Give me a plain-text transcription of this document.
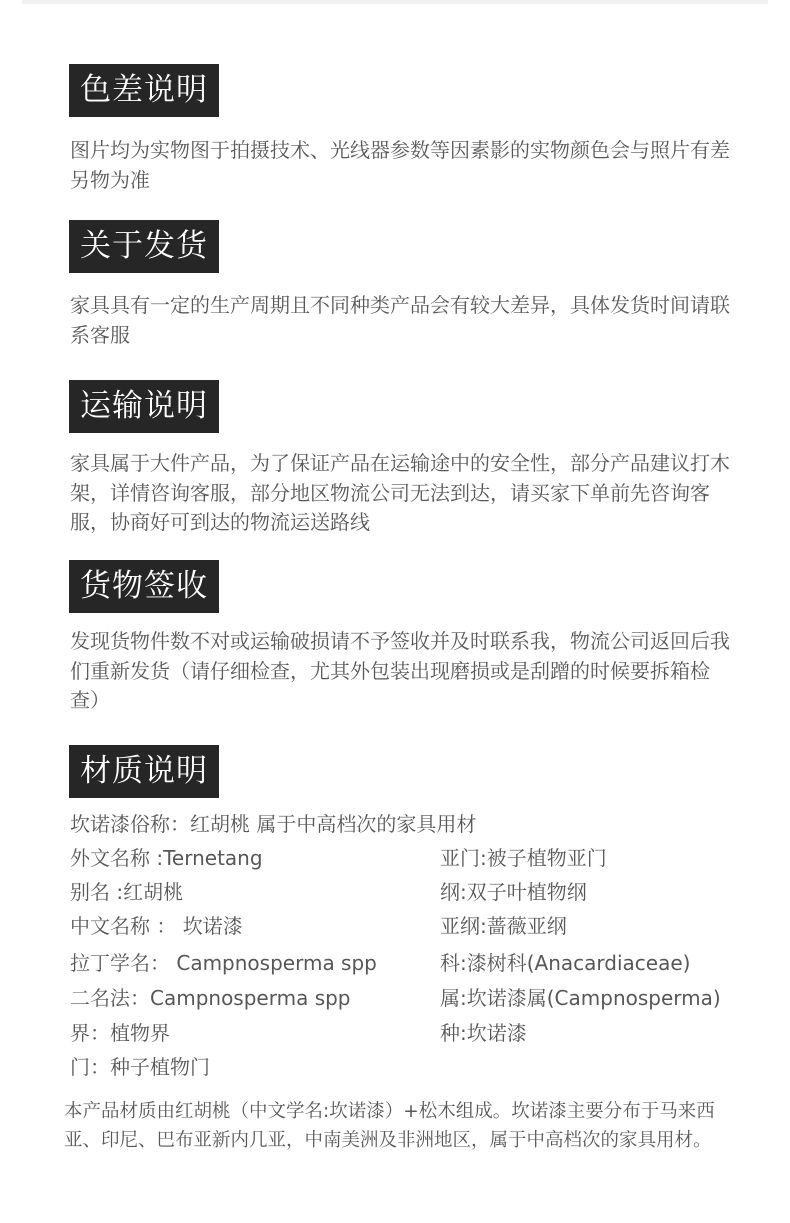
色差说明
图片均为实物图于拍摄技术、光线器参数等因素影的实物颜色会与照片有差另物为准
关于发货
家具具有一定的生产周期且不同种类产品会有较大差异，具体发货时间请联系客服
运输说明
家具属于大件产品，为了保证产品在运输途中的安全性，部分产品建议打木架，详情咨询客服，部分地区物流公司无法到达，请买家下单前先咨询客服，协商好可到达的物流运送路线
货物签收
发现货物件数不对或运输破损请不予签收并及时联系我，物流公司返回后我们重新发货（请仔细检查，尤其外包装出现磨损或是刮蹭的时候要拆箱检查）
材质说明
坎诺漆俗称：红胡桃 属于中高档次的家具用材
外文名称 :Ternetang
别名 :红胡桃
中文名称 ： 坎诺漆
拉丁学名： Campnosperma spp
二名法：Campnosperma spp
界：植物界
门：种子植物门
亚门:被子植物亚门
纲:双子叶植物纲
亚纲:蔷薇亚纲
科:漆树科(Anacardiaceae)
属:坎诺漆属(Campnosperma)
种:坎诺漆
本产品材质由红胡桃（中文学名:坎诺漆）+松木组成。坎诺漆主要分布于马来西亚、印尼、巴布亚新内几亚，中南美洲及非洲地区，属于中高档次的家具用材。
